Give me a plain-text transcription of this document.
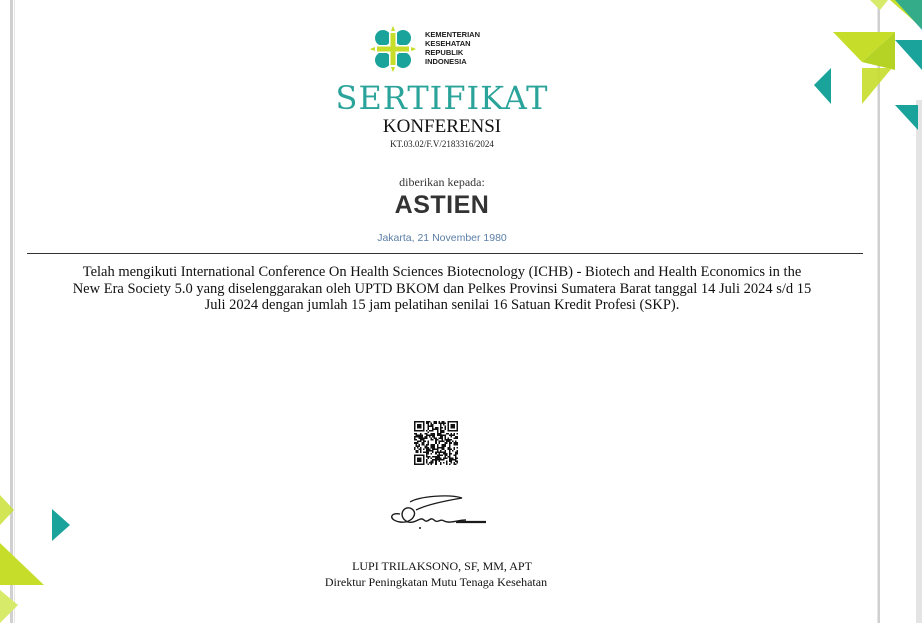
KEMENTERIAN
KESEHATAN
REPUBLIK
INDONESIA
SERTIFIKAT
KONFERENSI
KT.03.02/F.V/2183316/2024
diberikan kepada:
ASTIEN
Jakarta, 21 November 1980
Telah mengikuti International Conference On Health Sciences Biotecnology (ICHB) - Biotech and Health Economics in the New Era Society 5.0 yang diselenggarakan oleh UPTD BKOM dan Pelkes Provinsi Sumatera Barat tanggal 14 Juli 2024 s/d 15 Juli 2024 dengan jumlah 15 jam pelatihan senilai 16 Satuan Kredit Profesi (SKP).
LUPI TRILAKSONO, SF, MM, APT
Direktur Peningkatan Mutu Tenaga Kesehatan
